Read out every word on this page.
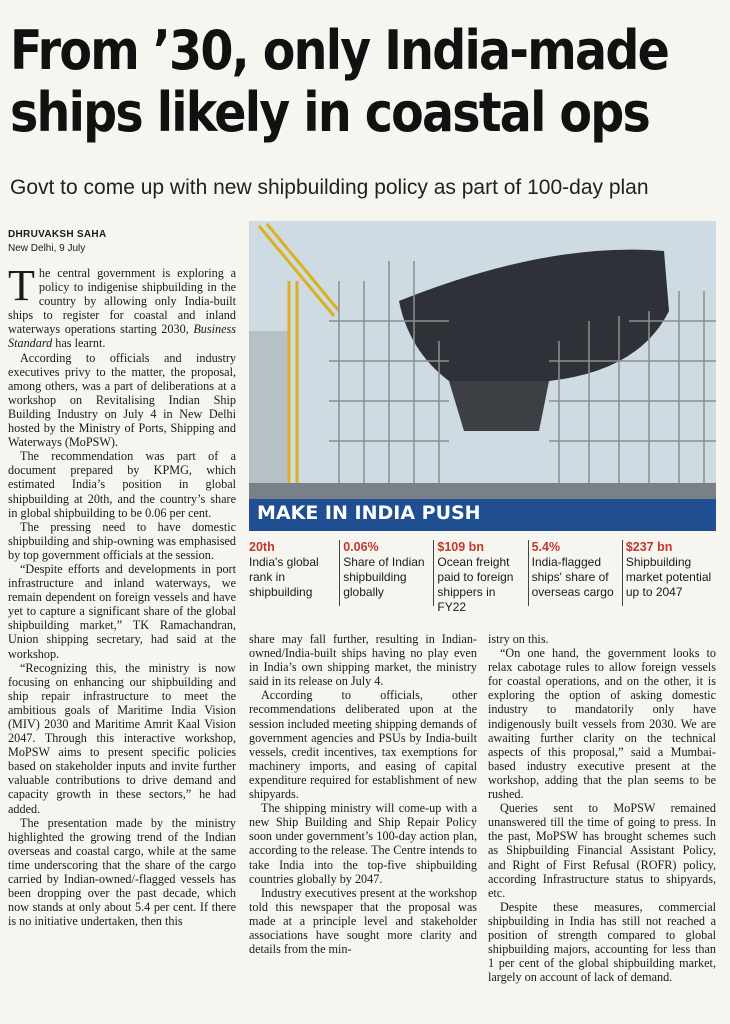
From ’30, only India-made
ships likely in coastal ops
Govt to come up with new shipbuilding policy as part of 100-day plan
DHRUVAKSH SAHA
New Delhi, 9 July

The central government is exploring a policy to indigenise shipbuilding in the country by allowing only India-built ships to register for coastal and inland waterways operations starting 2030, Business Standard has learnt.

According to officials and industry executives privy to the matter, the proposal, among others, was a part of deliberations at a workshop on Revitalising Indian Ship Building Industry on July 4 in New Delhi hosted by the Ministry of Ports, Shipping and Waterways (MoPSW).

The recommendation was part of a document prepared by KPMG, which estimated India’s position in global shipbuilding at 20th, and the country’s share in global shipbuilding to be 0.06 per cent.

The pressing need to have domestic shipbuilding and ship-owning was emphasised by top government officials at the session.

“Despite efforts and developments in port infrastructure and inland waterways, we remain dependent on foreign vessels and have yet to capture a significant share of the global shipbuilding market,” TK Ramachandran, Union shipping secretary, had said at the workshop.

“Recognizing this, the ministry is now focusing on enhancing our shipbuilding and ship repair infrastructure to meet the ambitious goals of Maritime India Vision (MIV) 2030 and Maritime Amrit Kaal Vision 2047. Through this interactive workshop, MoPSW aims to present specific policies based on stakeholder inputs and invite further valuable contributions to drive demand and capacity growth in these sectors,” he had added.

The presentation made by the ministry highlighted the growing trend of the Indian overseas and coastal cargo, while at the same time underscoring that the share of the cargo carried by Indian-owned/-flagged vessels has been dropping over the past decade, which now stands at only about 5.4 per cent. If there is no initiative undertaken, then this

MAKE IN INDIA PUSH
20th
India's global rank in shipbuilding
0.06%
Share of Indian shipbuilding globally
$109 bn
Ocean freight paid to foreign shippers in FY22
5.4%
India-flagged ships' share of overseas cargo
$237 bn
Shipbuilding market potential up to 2047

share may fall further, resulting in Indian-owned/India-built ships having no play even in India’s own shipping market, the ministry said in its release on July 4.

According to officials, other recommendations deliberated upon at the session included meeting shipping demands of government agencies and PSUs by India-built vessels, credit incentives, tax exemptions for machinery imports, and easing of capital expenditure required for establishment of new shipyards.

The shipping ministry will come-up with a new Ship Building and Ship Repair Policy soon under government’s 100-day action plan, according to the release. The Centre intends to take India into the top-five shipbuilding countries globally by 2047.

Industry executives present at the workshop told this newspaper that the proposal was made at a principle level and stakeholder associations have sought more clarity and details from the min-

istry on this.

“On one hand, the government looks to relax cabotage rules to allow foreign vessels for coastal operations, and on the other, it is exploring the option of asking domestic industry to mandatorily only have indigenously built vessels from 2030. We are awaiting further clarity on the technical aspects of this proposal,” said a Mumbai-based industry executive present at the workshop, adding that the plan seems to be rushed.

Queries sent to MoPSW remained unanswered till the time of going to press. In the past, MoPSW has brought schemes such as Shipbuilding Financial Assistant Policy, and Right of First Refusal (ROFR) policy, according Infrastructure status to shipyards, etc.

Despite these measures, commercial shipbuilding in India has still not reached a position of strength compared to global shipbuilding majors, accounting for less than 1 per cent of the global shipbuilding market, largely on account of lack of demand.
